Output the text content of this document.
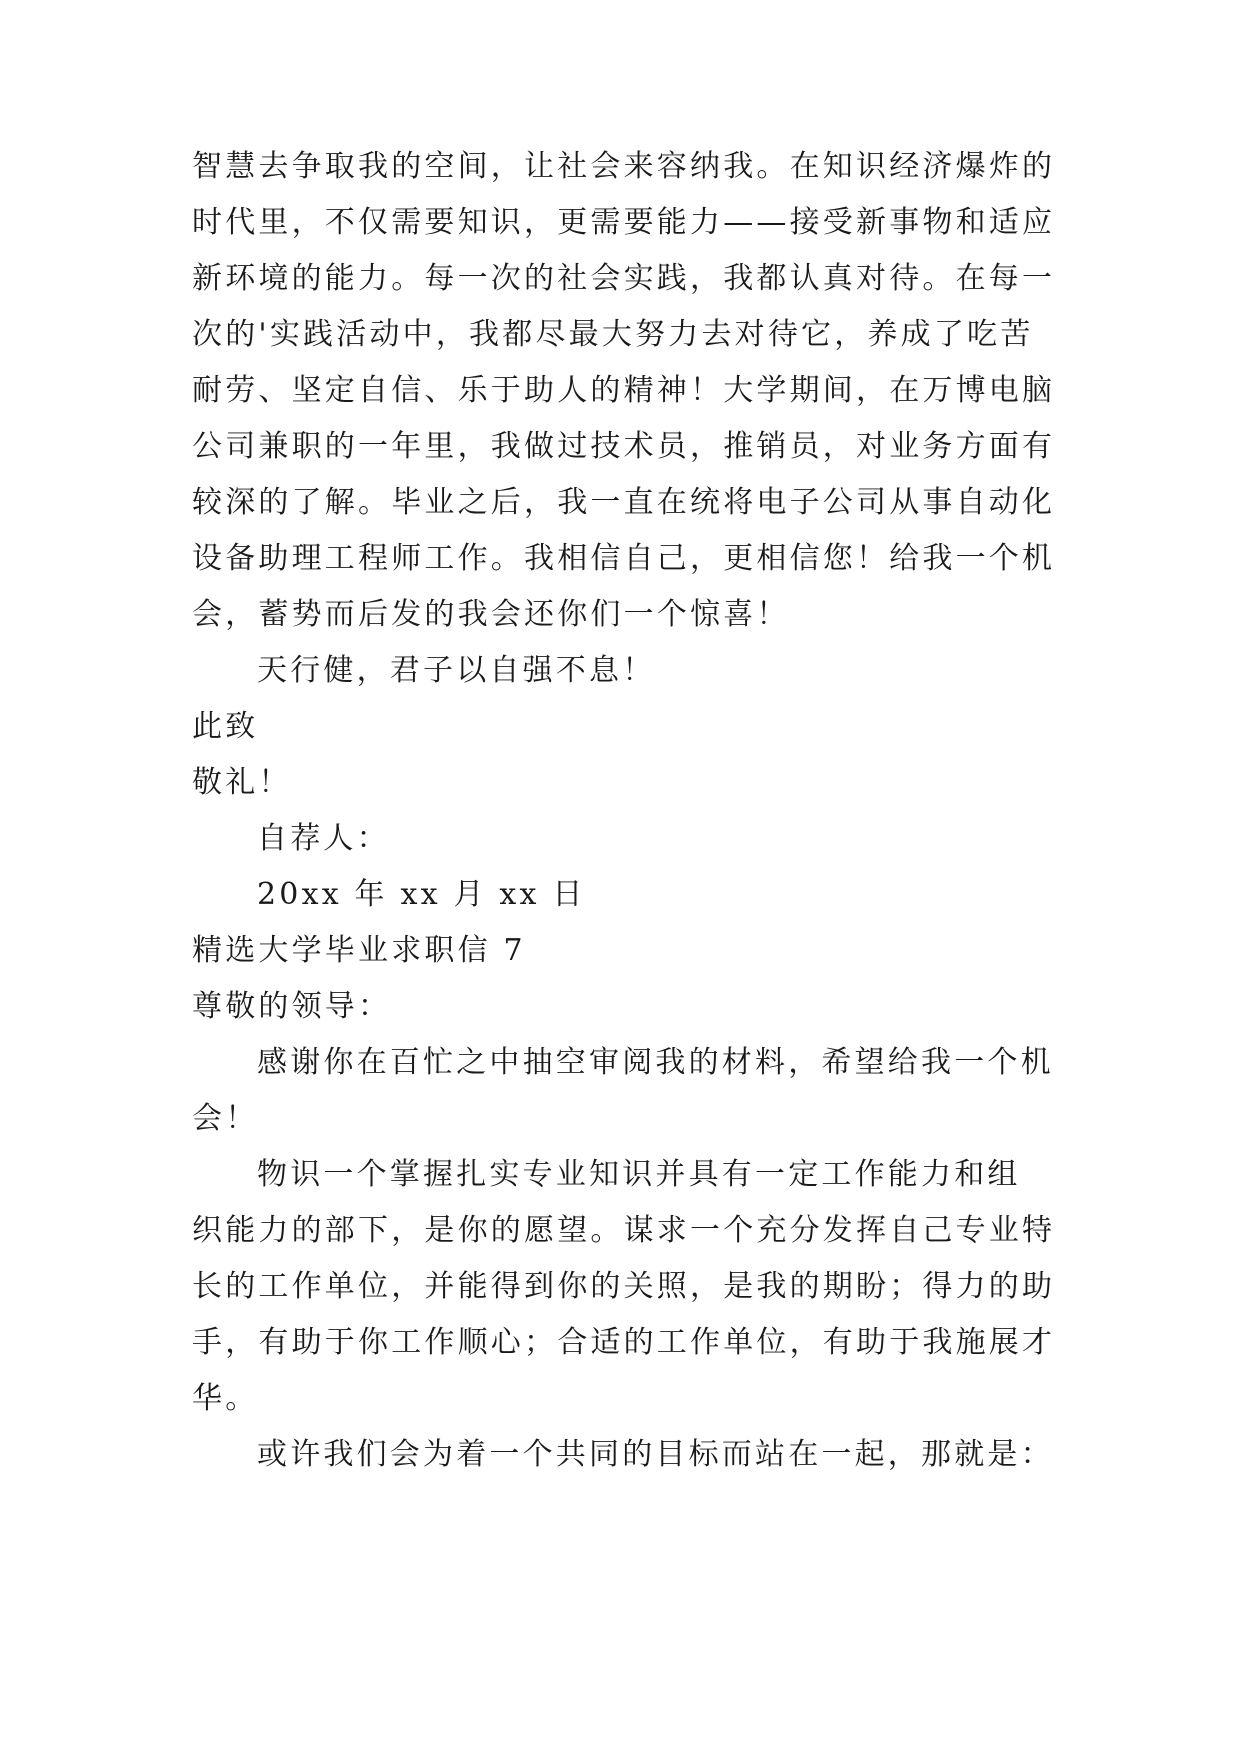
智慧去争取我的空间，让社会来容纳我。在知识经济爆炸的
时代里，不仅需要知识，更需要能力——接受新事物和适应
新环境的能力。每一次的社会实践，我都认真对待。在每一
次的'实践活动中，我都尽最大努力去对待它，养成了吃苦
耐劳、坚定自信、乐于助人的精神！大学期间，在万博电脑
公司兼职的一年里，我做过技术员，推销员，对业务方面有
较深的了解。毕业之后，我一直在统将电子公司从事自动化
设备助理工程师工作。我相信自己，更相信您！给我一个机
会，蓄势而后发的我会还你们一个惊喜！
天行健，君子以自强不息！
此致
敬礼！
自荐人：
20xx 年 xx 月 xx 日
精选大学毕业求职信 7
尊敬的领导：
感谢你在百忙之中抽空审阅我的材料，希望给我一个机
会！
物识一个掌握扎实专业知识并具有一定工作能力和组
织能力的部下，是你的愿望。谋求一个充分发挥自己专业特
长的工作单位，并能得到你的关照，是我的期盼；得力的助
手，有助于你工作顺心；合适的工作单位，有助于我施展才
华。
或许我们会为着一个共同的目标而站在一起，那就是：
